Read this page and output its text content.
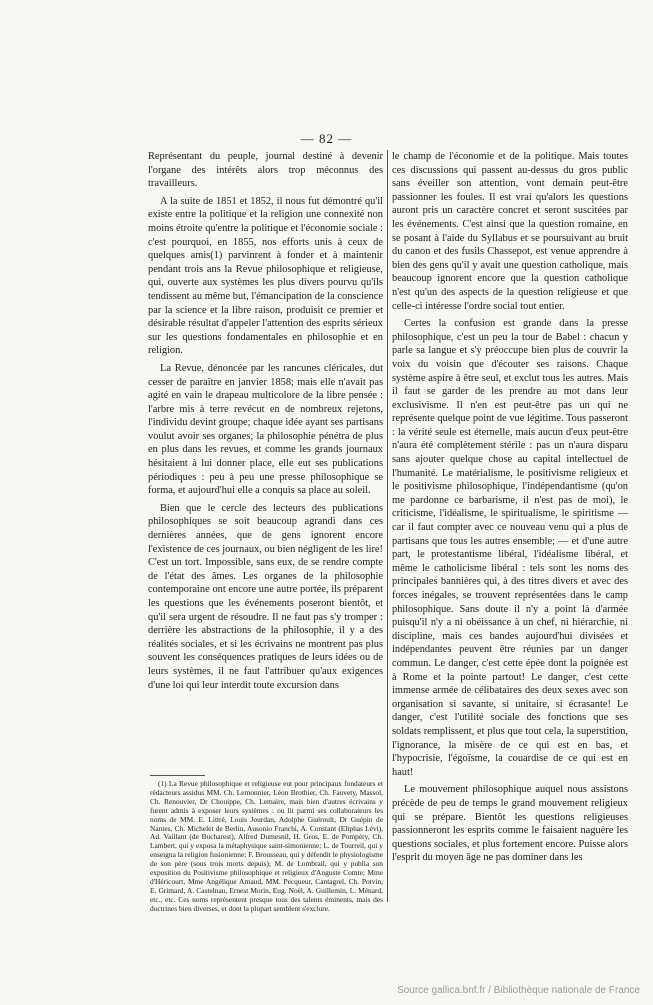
— 82 —

Représentant du peuple, journal destiné à devenir l'organe des intérêts alors trop méconnus des travailleurs.

A la suite de 1851 et 1852, il nous fut démontré qu'il existe entre la politique et la religion une connexité non moins étroite qu'entre la politique et l'économie sociale : c'est pourquoi, en 1855, nos efforts unis à ceux de quelques amis(1) parvinrent à fonder et à maintenir pendant trois ans la Revue philosophique et religieuse, qui, ouverte aux systèmes les plus divers pourvu qu'ils tendissent au même but, l'émancipation de la conscience par la science et la libre raison, produisit ce premier et désirable résultat d'appeler l'attention des esprits sérieux sur les questions fondamentales en philosophie et en religion.

La Revue, dénoncée par les rancunes cléricales, dut cesser de paraître en janvier 1858; mais elle n'avait pas agité en vain le drapeau multicolore de la libre pensée : l'arbre mis à terre revécut en de nombreux rejetons, l'individu devint groupe; chaque idée ayant ses partisans voulut avoir ses organes; la philosophie pénétra de plus en plus dans les revues, et comme les grands journaux hésitaient à lui donner place, elle eut ses publications périodiques : peu à peu une presse philosophique se forma, et aujourd'hui elle a conquis sa place au soleil.

Bien que le cercle des lecteurs des publications philosophiques se soit beaucoup agrandi dans ces dernières années, que de gens ignorent encore l'existence de ces journaux, ou bien négligent de les lire! C'est un tort. Impossible, sans eux, de se rendre compte de l'état des âmes. Les organes de la philosophie contemporaine ont encore une autre portée, ils préparent les questions que les événements poseront bientôt, et qu'il sera urgent de résoudre. Il ne faut pas s'y tromper : derrière les abstractions de la philosophie, il y a des réalités sociales, et si les écrivains ne montrent pas plus souvent les conséquences pratiques de leurs idées ou de leurs systèmes, il ne faut l'attribuer qu'aux exigences d'une loi qui leur interdit toute excursion dans

le champ de l'économie et de la politique. Mais toutes ces discussions qui passent au-dessus du gros public sans éveiller son attention, vont demain peut-être passionner les foules. Il est vrai qu'alors les questions auront pris un caractère concret et seront suscitées par les événements. C'est ainsi que la question romaine, en se posant à l'aide du Syllabus et se poursuivant au bruit du canon et des fusils Chassepot, est venue apprendre à bien des gens qu'il y avait une question catholique, mais beaucoup ignorent encore que la question catholique n'est qu'un des aspects de la question religieuse et que celle-ci intéresse l'ordre social tout entier.

Certes la confusion est grande dans la presse philosophique, c'est un peu la tour de Babel : chacun y parle sa langue et s'y préoccupe bien plus de couvrir la voix du voisin que d'écouter ses raisons. Chaque système aspire à être seul, et exclut tous les autres. Mais il faut se garder de les prendre au mot dans leur exclusivisme. Il n'en est peut-être pas un qui ne représente quelque point de vue légitime. Tous passeront : la vérité seule est éternelle, mais aucun d'eux peut-être n'aura été complètement stérile : pas un n'aura disparu sans ajouter quelque chose au capital intellectuel de l'humanité. Le matérialisme, le positivisme religieux et le positivisme philosophique, l'indépendantisme (qu'on me pardonne ce barbarisme, il n'est pas de moi), le criticisme, l'idéalisme, le spiritualisme, le spiritisme — car il faut compter avec ce nouveau venu qui a plus de partisans que tous les autres ensemble; — et d'une autre part, le protestantisme libéral, l'idéalisme libéral, et même le catholicisme libéral : tels sont les noms des principales bannières qui, à des titres divers et avec des forces inégales, se trouvent représentées dans le camp philosophique. Sans doute il n'y a point là d'armée puisqu'il n'y a ni obéissance à un chef, ni hiérarchie, ni discipline, mais ces bandes aujourd'hui divisées et indépendantes peuvent être réunies par un danger commun. Le danger, c'est cette épée dont la poignée est à Rome et la pointe partout! Le danger, c'est cette immense armée de célibataires des deux sexes avec son organisation si savante, si unitaire, si écrasante! Le danger, c'est l'utilité sociale des fonctions que ses soldats remplissent, et plus que tout cela, la superstition, l'ignorance, la misère de ce qui est en bas, et l'hypocrisie, l'égoïsme, la couardise de ce qui est en haut!

Le mouvement philosophique auquel nous assistons précède de peu de temps le grand mouvement religieux qui se prépare. Bientôt les questions religieuses passionneront les esprits comme le faisaient naguère les questions sociales, et plus fortement encore. Puisse alors l'esprit du moyen âge ne pas dominer dans les

(1) La Revue philosophique et religieuse eut pour principaux fondateurs et rédacteurs assidus MM. Ch. Lemonnier, Léon Brothier, Ch. Fauvety, Massol, Ch. Renouvier, Dr Chouippe, Ch. Lemaire, mais bien d'autres écrivains y furent admis à exposer leurs systèmes : ou lit parmi ses collaborateurs les noms de MM. E. Littré, Louis Jourdan, Adolphe Guéroult, Dr Guépin de Nantes, Ch. Michelet de Berlin, Ausonio Franchi, A. Constant (Eliphas Lévi), Ad. Vaillant (de Bucharest), Alfred Dumesnil, H. Gros, E. de Pompéry, Ch. Lambert, qui y exposa la métaphysique saint-simonienne; L. de Tourreil, qui y enseigna la religion fusionienne; F. Brousseau, qui y défendit le physiologisme de son père (sous trois morts depuis); M. de Lombrail, qui y publia son exposition du Positivisme philosophique et religieux d'Auguste Comte; Mme d'Héricourt, Mme Angélique Arnaud, MM. Pecqueur, Cantagrel, Ch. Potvin, E. Grimard, A. Castelnau, Ernest Morin, Eug. Noël, A. Guillemin, L. Ménard, etc., etc. Ces noms représentent presque tous des talents éminents, mais des doctrines bien diverses, et dont la plupart semblent s'exclure.

Source gallica.bnf.fr / Bibliothèque nationale de France
